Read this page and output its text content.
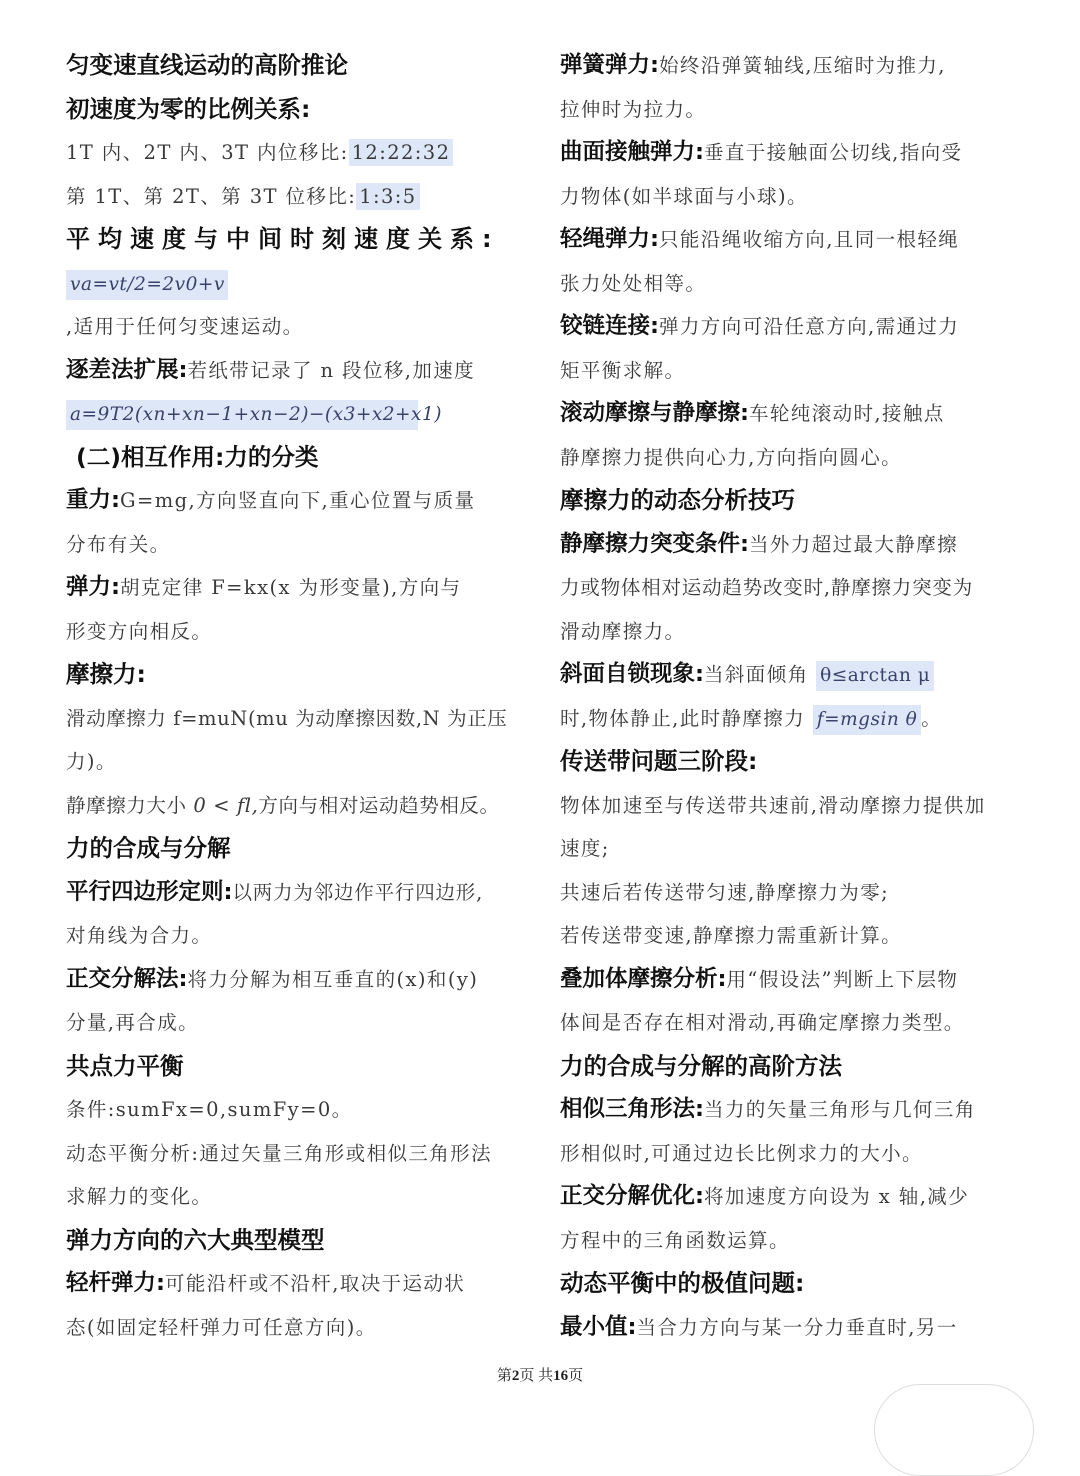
匀变速直线运动的高阶推论
初速度为零的比例关系:
1T 内、2T 内、3T 内位移比: 12:22:32
第 1T、第 2T、第 3T 位移比: 1:3:5
平均速度与中间时刻速度关系:
va=vt/2=2v0+v
,适用于任何匀变速运动。
逐差法扩展:若纸带记录了 n 段位移,加速度
a=9T2(xn+xn−1+xn−2)−(x3+x2+x1)
(二)相互作用:力的分类
重力:G=mg,方向竖直向下,重心位置与质量
分布有关。
弹力:胡克定律 F=kx(x 为形变量),方向与
形变方向相反。
摩擦力:
滑动摩擦力 f=muN(mu 为动摩擦因数,N 为正压
力)。
静摩擦力大小 0 < fl,方向与相对运动趋势相反。
力的合成与分解
平行四边形定则:以两力为邻边作平行四边形,
对角线为合力。
正交分解法:将力分解为相互垂直的(x)和(y)
分量,再合成。
共点力平衡
条件:sumFx=0,sumFy=0。
动态平衡分析:通过矢量三角形或相似三角形法
求解力的变化。
弹力方向的六大典型模型
轻杆弹力:可能沿杆或不沿杆,取决于运动状
态(如固定轻杆弹力可任意方向)。
弹簧弹力:始终沿弹簧轴线,压缩时为推力,
拉伸时为拉力。
曲面接触弹力:垂直于接触面公切线,指向受
力物体(如半球面与小球)。
轻绳弹力:只能沿绳收缩方向,且同一根轻绳
张力处处相等。
铰链连接:弹力方向可沿任意方向,需通过力
矩平衡求解。
滚动摩擦与静摩擦:车轮纯滚动时,接触点
静摩擦力提供向心力,方向指向圆心。
摩擦力的动态分析技巧
静摩擦力突变条件:当外力超过最大静摩擦
力或物体相对运动趋势改变时,静摩擦力突变为
滑动摩擦力。
斜面自锁现象:当斜面倾角 θ≤arctan μ
时,物体静止,此时静摩擦力 f=mgsin θ 。
传送带问题三阶段:
物体加速至与传送带共速前,滑动摩擦力提供加
速度;
共速后若传送带匀速,静摩擦力为零;
若传送带变速,静摩擦力需重新计算。
叠加体摩擦分析:用“假设法”判断上下层物
体间是否存在相对滑动,再确定摩擦力类型。
力的合成与分解的高阶方法
相似三角形法:当力的矢量三角形与几何三角
形相似时,可通过边长比例求力的大小。
正交分解优化:将加速度方向设为 x 轴,减少
方程中的三角函数运算。
动态平衡中的极值问题:
最小值:当合力方向与某一分力垂直时,另一
第2页 共16页
